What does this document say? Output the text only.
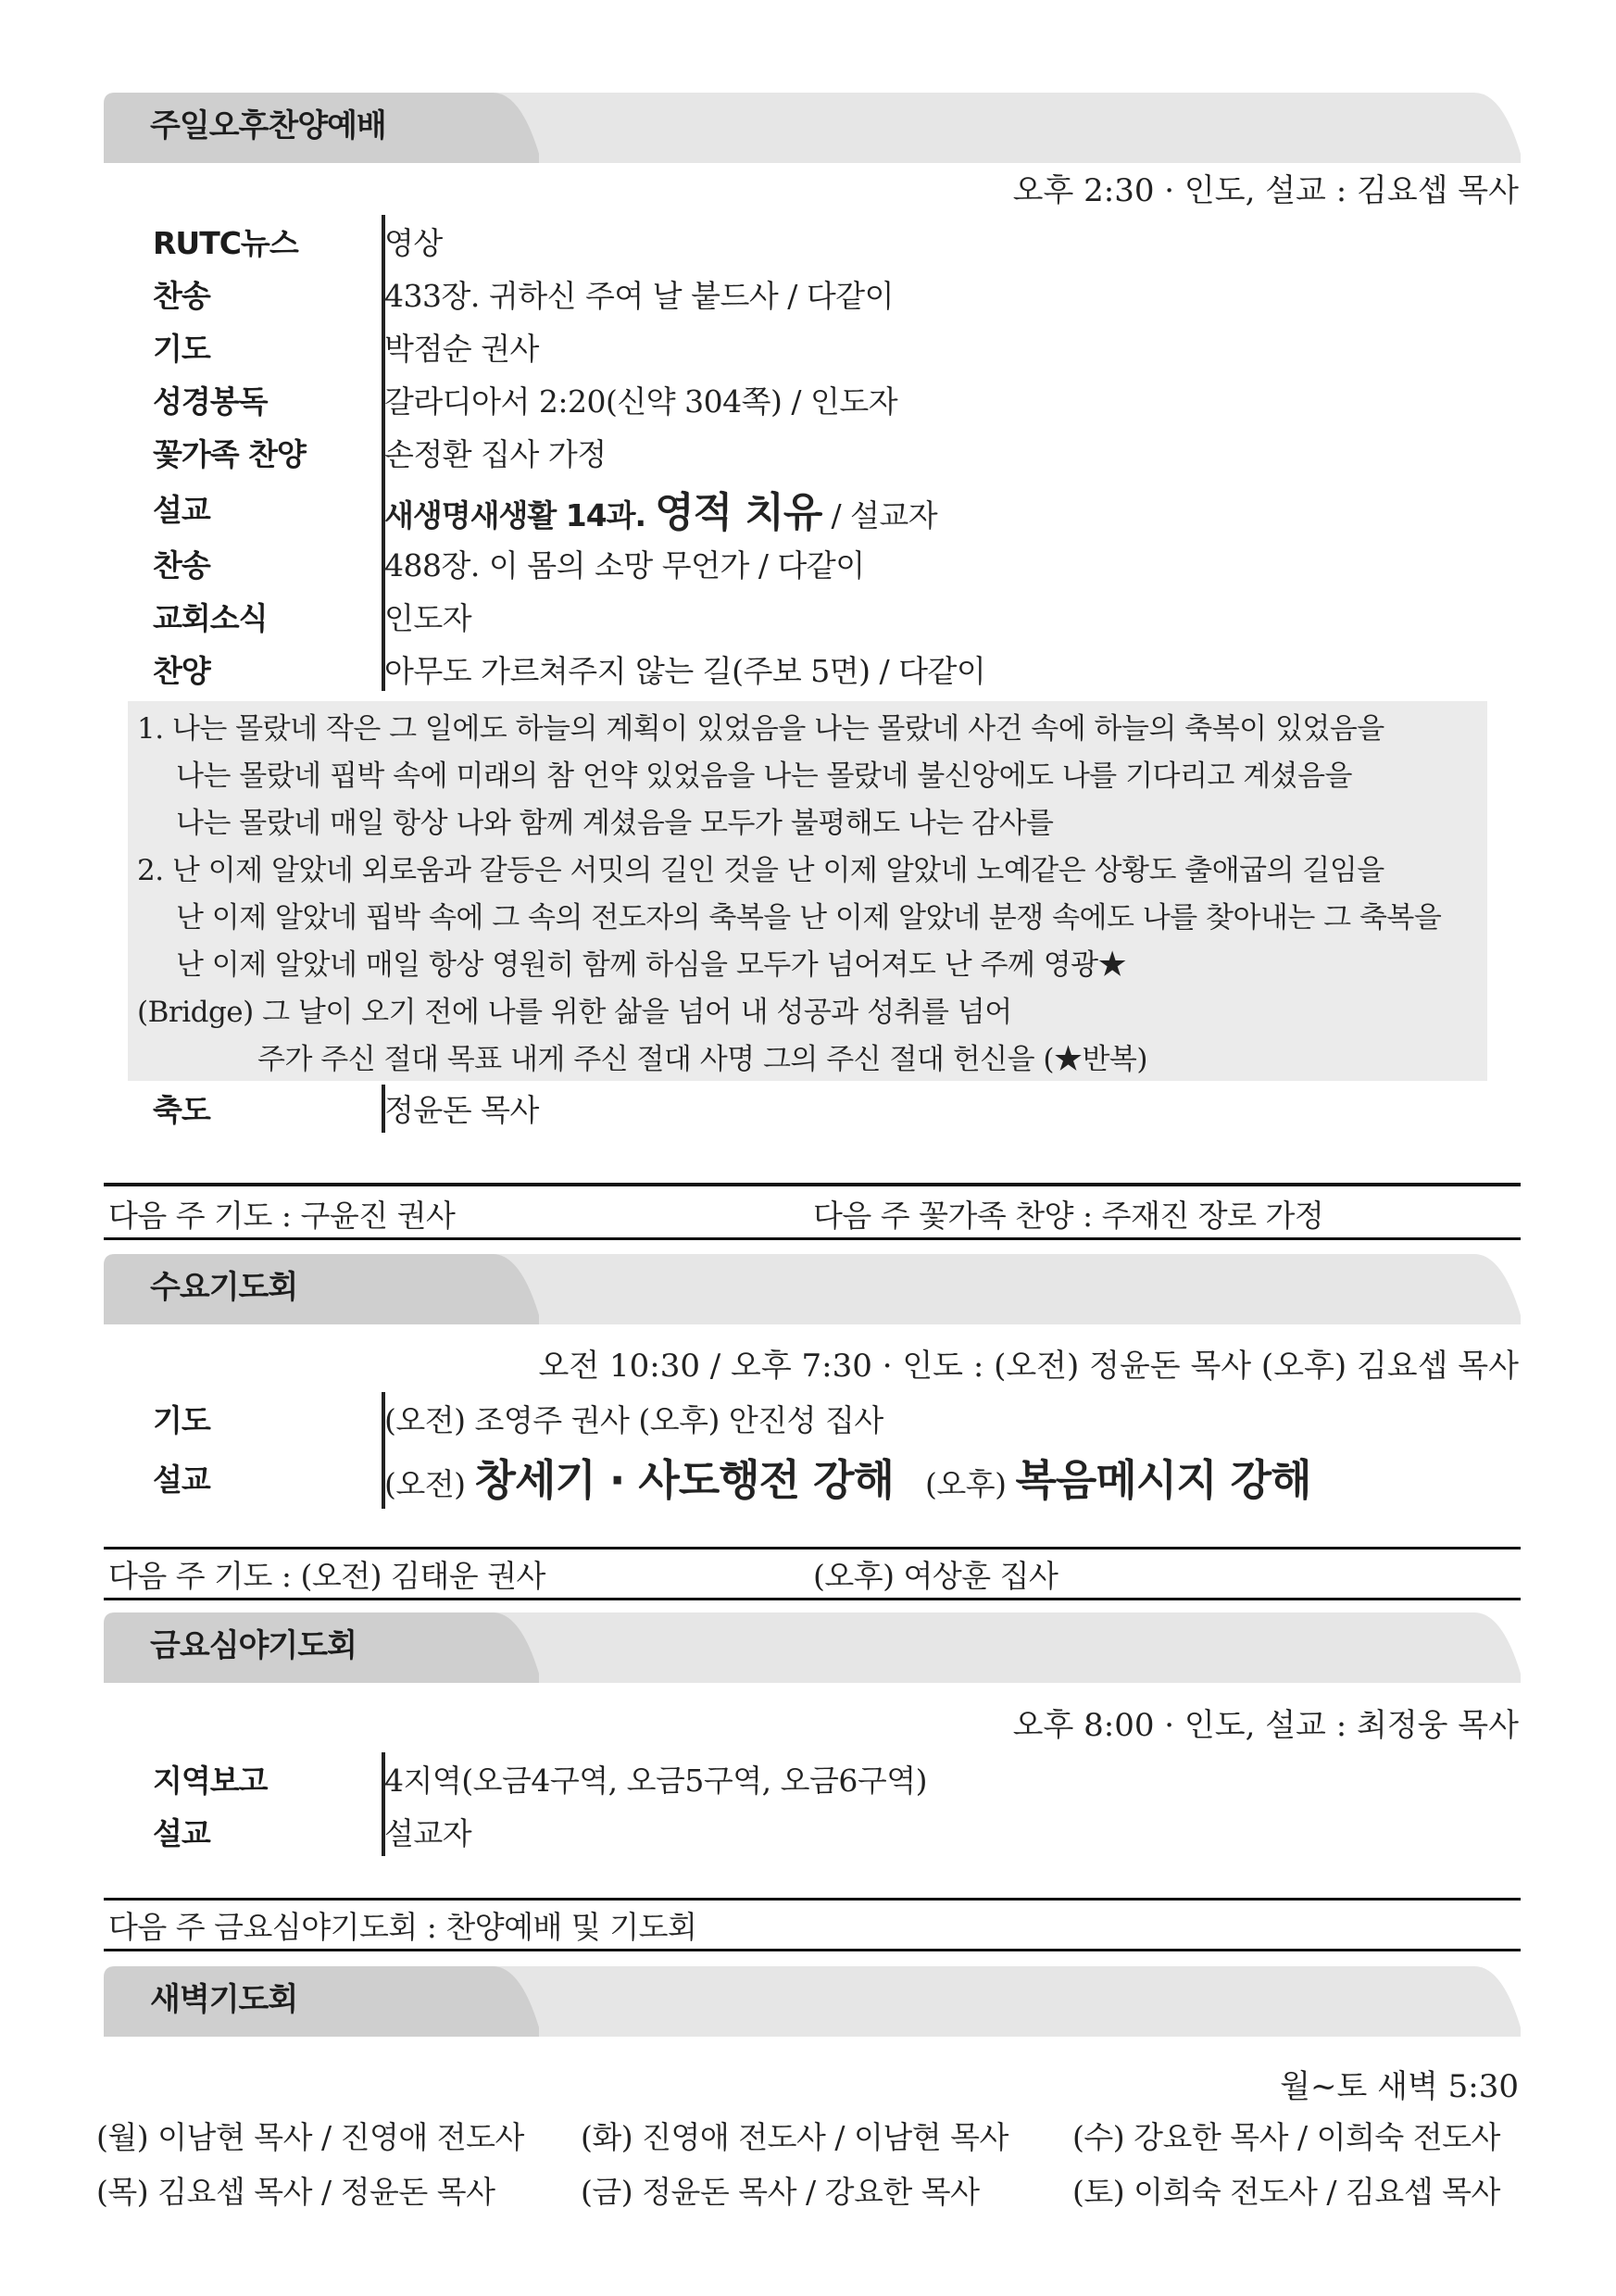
주일오후찬양예배
오후 2:30 · 인도, 설교 : 김요셉 목사
RUTC뉴스	영상
찬송	433장. 귀하신 주여 날 붙드사 / 다같이
기도	박점순 권사
성경봉독	갈라디아서 2:20(신약 304쪽) / 인도자
꽃가족 찬양	손정환 집사 가정
설교	새생명새생활 14과. 영적 치유 / 설교자
찬송	488장. 이 몸의 소망 무언가 / 다같이
교회소식	인도자
찬양	아무도 가르쳐주지 않는 길(주보 5면) / 다같이
1. 나는 몰랐네 작은 그 일에도 하늘의 계획이 있었음을 나는 몰랐네 사건 속에 하늘의 축복이 있었음을
나는 몰랐네 핍박 속에 미래의 참 언약 있었음을 나는 몰랐네 불신앙에도 나를 기다리고 계셨음을
나는 몰랐네 매일 항상 나와 함께 계셨음을 모두가 불평해도 나는 감사를
2. 난 이제 알았네 외로움과 갈등은 서밋의 길인 것을 난 이제 알았네 노예같은 상황도 출애굽의 길임을
난 이제 알았네 핍박 속에 그 속의 전도자의 축복을 난 이제 알았네 분쟁 속에도 나를 찾아내는 그 축복을
난 이제 알았네 매일 항상 영원히 함께 하심을 모두가 넘어져도 난 주께 영광★
(Bridge) 그 날이 오기 전에 나를 위한 삶을 넘어 내 성공과 성취를 넘어
주가 주신 절대 목표 내게 주신 절대 사명 그의 주신 절대 헌신을 (★반복)
축도	정윤돈 목사
다음 주 기도 : 구윤진 권사	다음 주 꽃가족 찬양 : 주재진 장로 가정
수요기도회
오전 10:30 / 오후 7:30 · 인도 : (오전) 정윤돈 목사 (오후) 김요셉 목사
기도	(오전) 조영주 권사 (오후) 안진성 집사
설교	(오전) 창세기 · 사도행전 강해 (오후) 복음메시지 강해
다음 주 기도 : (오전) 김태운 권사	(오후) 여상훈 집사
금요심야기도회
오후 8:00 · 인도, 설교 : 최정웅 목사
지역보고	4지역(오금4구역, 오금5구역, 오금6구역)
설교	설교자
다음 주 금요심야기도회 : 찬양예배 및 기도회
새벽기도회
월~토 새벽 5:30
(월) 이남현 목사 / 진영애 전도사 (화) 진영애 전도사 / 이남현 목사 (수) 강요한 목사 / 이희숙 전도사
(목) 김요셉 목사 / 정윤돈 목사	(금) 정윤돈 목사 / 강요한 목사	(토) 이희숙 전도사 / 김요셉 목사
